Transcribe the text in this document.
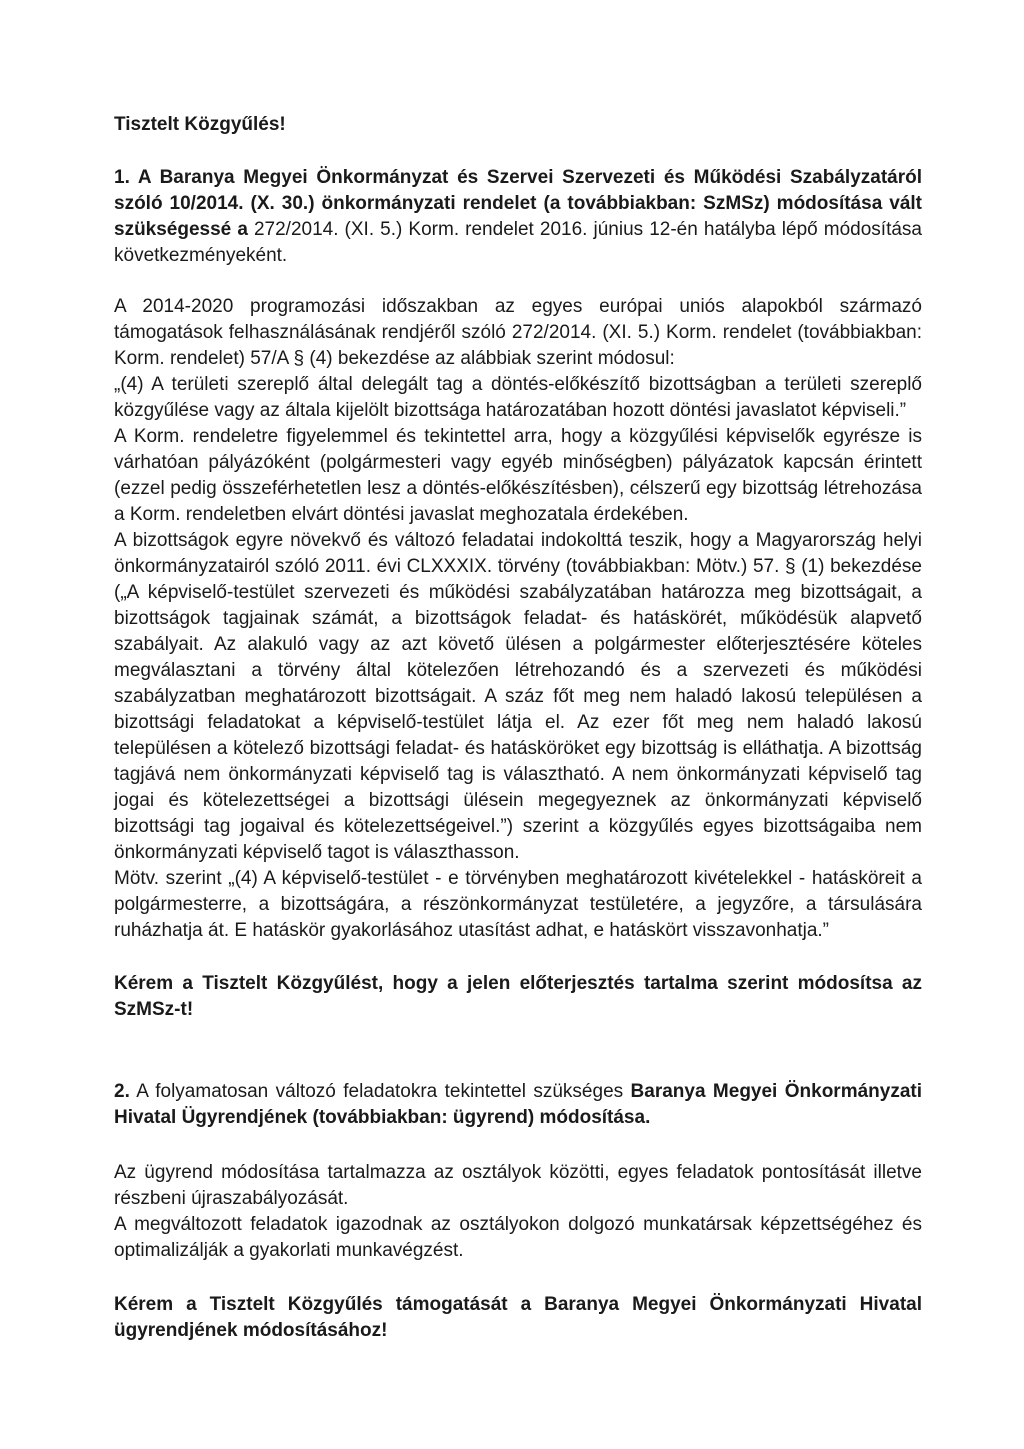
Tisztelt Közgyűlés!

1. A Baranya Megyei Önkormányzat és Szervei Szervezeti és Működési Szabályzatáról szóló 10/2014. (X. 30.) önkormányzati rendelet (a továbbiakban: SzMSz) módosítása vált szükségessé a 272/2014. (XI. 5.) Korm. rendelet 2016. június 12-én hatályba lépő módosítása következményeként.

A 2014-2020 programozási időszakban az egyes európai uniós alapokból származó támogatások felhasználásának rendjéről szóló 272/2014. (XI. 5.) Korm. rendelet (továbbiakban: Korm. rendelet) 57/A § (4) bekezdése az alábbiak szerint módosul:

„(4) A területi szereplő által delegált tag a döntés-előkészítő bizottságban a területi szereplő közgyűlése vagy az általa kijelölt bizottsága határozatában hozott döntési javaslatot képviseli.”

A Korm. rendeletre figyelemmel és tekintettel arra, hogy a közgyűlési képviselők egyrésze is várhatóan pályázóként (polgármesteri vagy egyéb minőségben) pályázatok kapcsán érintett (ezzel pedig összeférhetetlen lesz a döntés-előkészítésben), célszerű egy bizottság létrehozása a Korm. rendeletben elvárt döntési javaslat meghozatala érdekében.

A bizottságok egyre növekvő és változó feladatai indokolttá teszik, hogy a Magyarország helyi önkormányzatairól szóló 2011. évi CLXXXIX. törvény (továbbiakban: Mötv.) 57. § (1) bekezdése („A képviselő-testület szervezeti és működési szabályzatában határozza meg bizottságait, a bizottságok tagjainak számát, a bizottságok feladat- és hatáskörét, működésük alapvető szabályait. Az alakuló vagy az azt követő ülésen a polgármester előterjesztésére köteles megválasztani a törvény által kötelezően létrehozandó és a szervezeti és működési szabályzatban meghatározott bizottságait. A száz főt meg nem haladó lakosú településen a bizottsági feladatokat a képviselő-testület látja el. Az ezer főt meg nem haladó lakosú településen a kötelező bizottsági feladat- és hatásköröket egy bizottság is elláthatja. A bizottság tagjává nem önkormányzati képviselő tag is választható. A nem önkormányzati képviselő tag jogai és kötelezettségei a bizottsági ülésein megegyeznek az önkormányzati képviselő bizottsági tag jogaival és kötelezettségeivel.”) szerint a közgyűlés egyes bizottságaiba nem önkormányzati képviselő tagot is választhasson.

Mötv. szerint „(4) A képviselő-testület - e törvényben meghatározott kivételekkel - hatásköreit a polgármesterre, a bizottságára, a részönkormányzat testületére, a jegyzőre, a társulására ruházhatja át. E hatáskör gyakorlásához utasítást adhat, e hatáskört visszavonhatja.”

Kérem a Tisztelt Közgyűlést, hogy a jelen előterjesztés tartalma szerint módosítsa az SzMSz-t!

2. A folyamatosan változó feladatokra tekintettel szükséges Baranya Megyei Önkormányzati Hivatal Ügyrendjének (továbbiakban: ügyrend) módosítása.

Az ügyrend módosítása tartalmazza az osztályok közötti, egyes feladatok pontosítását illetve részbeni újraszabályozását.

A megváltozott feladatok igazodnak az osztályokon dolgozó munkatársak képzettségéhez és optimalizálják a gyakorlati munkavégzést.

Kérem a Tisztelt Közgyűlés támogatását a Baranya Megyei Önkormányzati Hivatal ügyrendjének módosításához!
